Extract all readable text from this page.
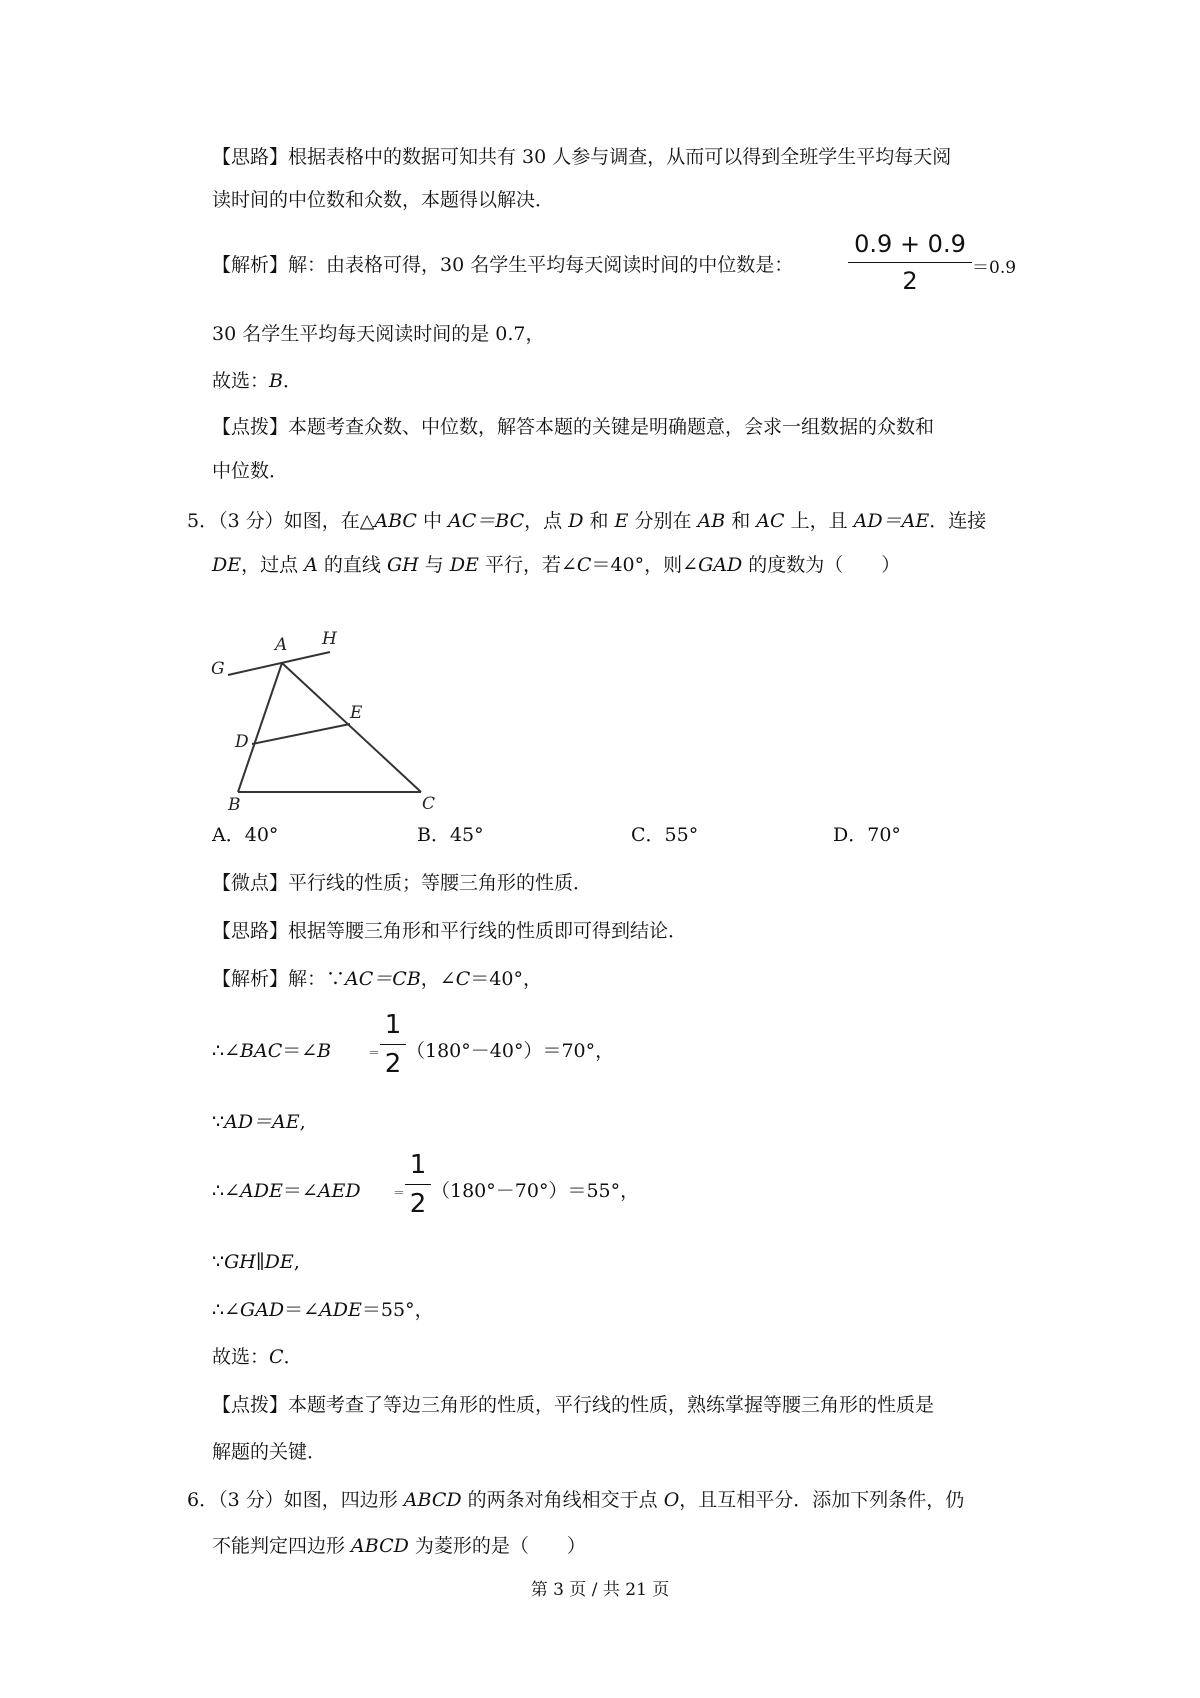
【思路】根据表格中的数据可知共有 30 人参与调查，从而可以得到全班学生平均每天阅
读时间的中位数和众数，本题得以解决．
【解析】解：由表格可得，30 名学生平均每天阅读时间的中位数是：
0.9 + 0.9
2	＝0.9
30 名学生平均每天阅读时间的是 0.7，
故选：B．
【点拨】本题考查众数、中位数，解答本题的关键是明确题意，会求一组数据的众数和
中位数．
5．（3 分）如图，在△ABC 中 AC＝BC，点 D 和 E 分别在 AB 和 AC 上，且 AD＝AE．连接
DE，过点 A 的直线 GH 与 DE 平行，若∠C＝40°，则∠GAD 的度数为（　　）
G
H
A
E
D
B	C
A．40°	B．45°	C．55°	D．70°
【微点】平行线的性质；等腰三角形的性质．
【思路】根据等腰三角形和平行线的性质即可得到结论．
【解析】解：∵AC＝CB，∠C＝40°，
∴∠BAC＝∠B	＝
1
2 （180°－40°）＝70°，
∵AD＝AE,
∴∠ADE＝∠AED	＝
1
2 （180°－70°）＝55°，
∵GH∥DE,
∴∠GAD＝∠ADE＝55°，
故选：C．
【点拨】本题考查了等边三角形的性质，平行线的性质，熟练掌握等腰三角形的性质是
解题的关键．
6．（3 分）如图，四边形 ABCD 的两条对角线相交于点 O，且互相平分．添加下列条件，仍
不能判定四边形 ABCD 为菱形的是（　　）
第 3 页 / 共 21 页
